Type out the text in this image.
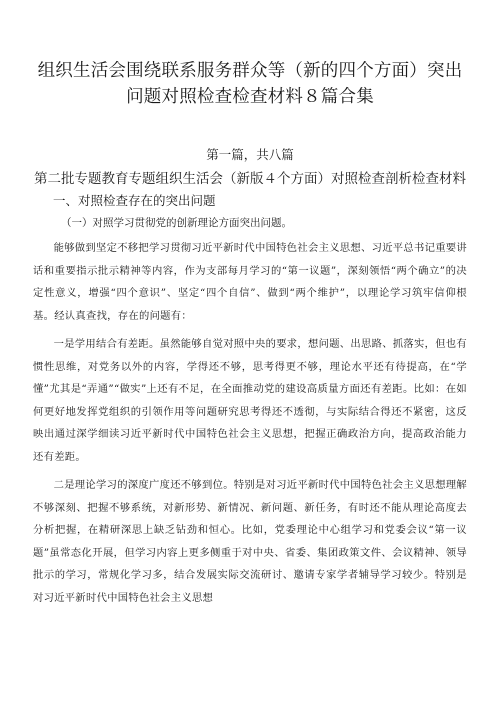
组织生活会围绕联系服务群众等（新的四个方面）突出问题对照检查检查材料８篇合集
第一篇，共八篇
第二批专题教育专题组织生活会（新版４个方面）对照检查剖析检查材料
一、对照检查存在的突出问题
（一）对照学习贯彻党的创新理论方面突出问题。

能够做到坚定不移把学习贯彻习近平新时代中国特色社会主义思想、习近平总书记重要讲话和重要指示批示精神等内容，作为支部每月学习的“第一议题”，深刻领悟“两个确立”的决定性意义，增强“四个意识”、坚定“四个自信”、做到“两个维护”，以理论学习筑牢信仰根基。经认真查找，存在的问题有：

一是学用结合有差距。虽然能够自觉对照中央的要求，想问题、出思路、抓落实，但也有惯性思维，对党务以外的内容，学得还不够，思考得更不够，理论水平还有待提高，在“学懂”尤其是“弄通”“做实”上还有不足，在全面推动党的建设高质量方面还有差距。比如：在如何更好地发挥党组织的引领作用等问题研究思考得还不透彻，与实际结合得还不紧密，这反映出通过深学细读习近平新时代中国特色社会主义思想，把握正确政治方向，提高政治能力还有差距。

二是理论学习的深度广度还不够到位。特别是对习近平新时代中国特色社会主义思想理解不够深刻、把握不够系统，对新形势、新情况、新问题、新任务，有时还不能从理论高度去分析把握，在精研深思上缺乏钻劲和恒心。比如，党委理论中心组学习和党委会议“第一议题”虽常态化开展，但学习内容上更多侧重于对中央、省委、集团政策文件、会议精神、领导批示的学习，常规化学习多，结合发展实际交流研讨、邀请专家学者辅导学习较少。特别是对习近平新时代中国特色社会主义思想
